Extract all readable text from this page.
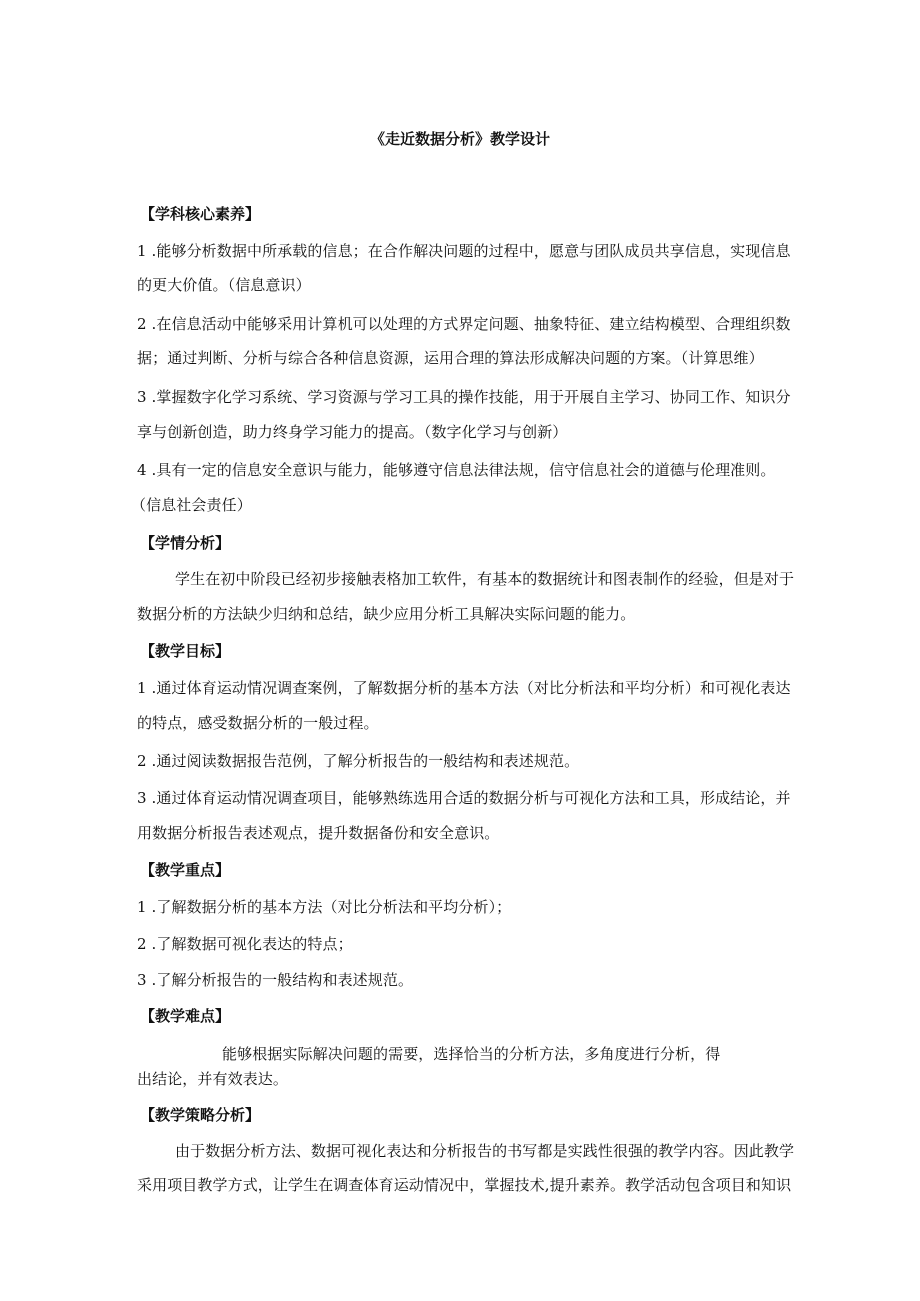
《走近数据分析》教学设计
【学科核心素养】
1 .能够分析数据中所承载的信息；在合作解决问题的过程中，愿意与团队成员共享信息，实现信息
的更大价值。（信息意识）
2 .在信息活动中能够采用计算机可以处理的方式界定问题、抽象特征、建立结构模型、合理组织数
据；通过判断、分析与综合各种信息资源，运用合理的算法形成解决问题的方案。（计算思维）
3 .掌握数字化学习系统、学习资源与学习工具的操作技能，用于开展自主学习、协同工作、知识分
享与创新创造，助力终身学习能力的提高。（数字化学习与创新）
4 .具有一定的信息安全意识与能力，能够遵守信息法律法规，信守信息社会的道德与伦理准则。
（信息社会责任）
【学情分析】
学生在初中阶段已经初步接触表格加工软件，有基本的数据统计和图表制作的经验，但是对于
数据分析的方法缺少归纳和总结，缺少应用分析工具解决实际问题的能力。
【教学目标】
1 .通过体育运动情况调查案例，了解数据分析的基本方法（对比分析法和平均分析）和可视化表达
的特点，感受数据分析的一般过程。
2 .通过阅读数据报告范例，了解分析报告的一般结构和表述规范。
3 .通过体育运动情况调查项目，能够熟练选用合适的数据分析与可视化方法和工具，形成结论，并
用数据分析报告表述观点，提升数据备份和安全意识。
【教学重点】
1 .了解数据分析的基本方法（对比分析法和平均分析）；
2 .了解数据可视化表达的特点；
3 .了解分析报告的一般结构和表述规范。
【教学难点】
能够根据实际解决问题的需要，选择恰当的分析方法，多角度进行分析，得
出结论，并有效表达。
【教学策略分析】
由于数据分析方法、数据可视化表达和分析报告的书写都是实践性很强的教学内容。因此教学
采用项目教学方式，让学生在调查体育运动情况中，掌握技术,提升素养。教学活动包含项目和知识
